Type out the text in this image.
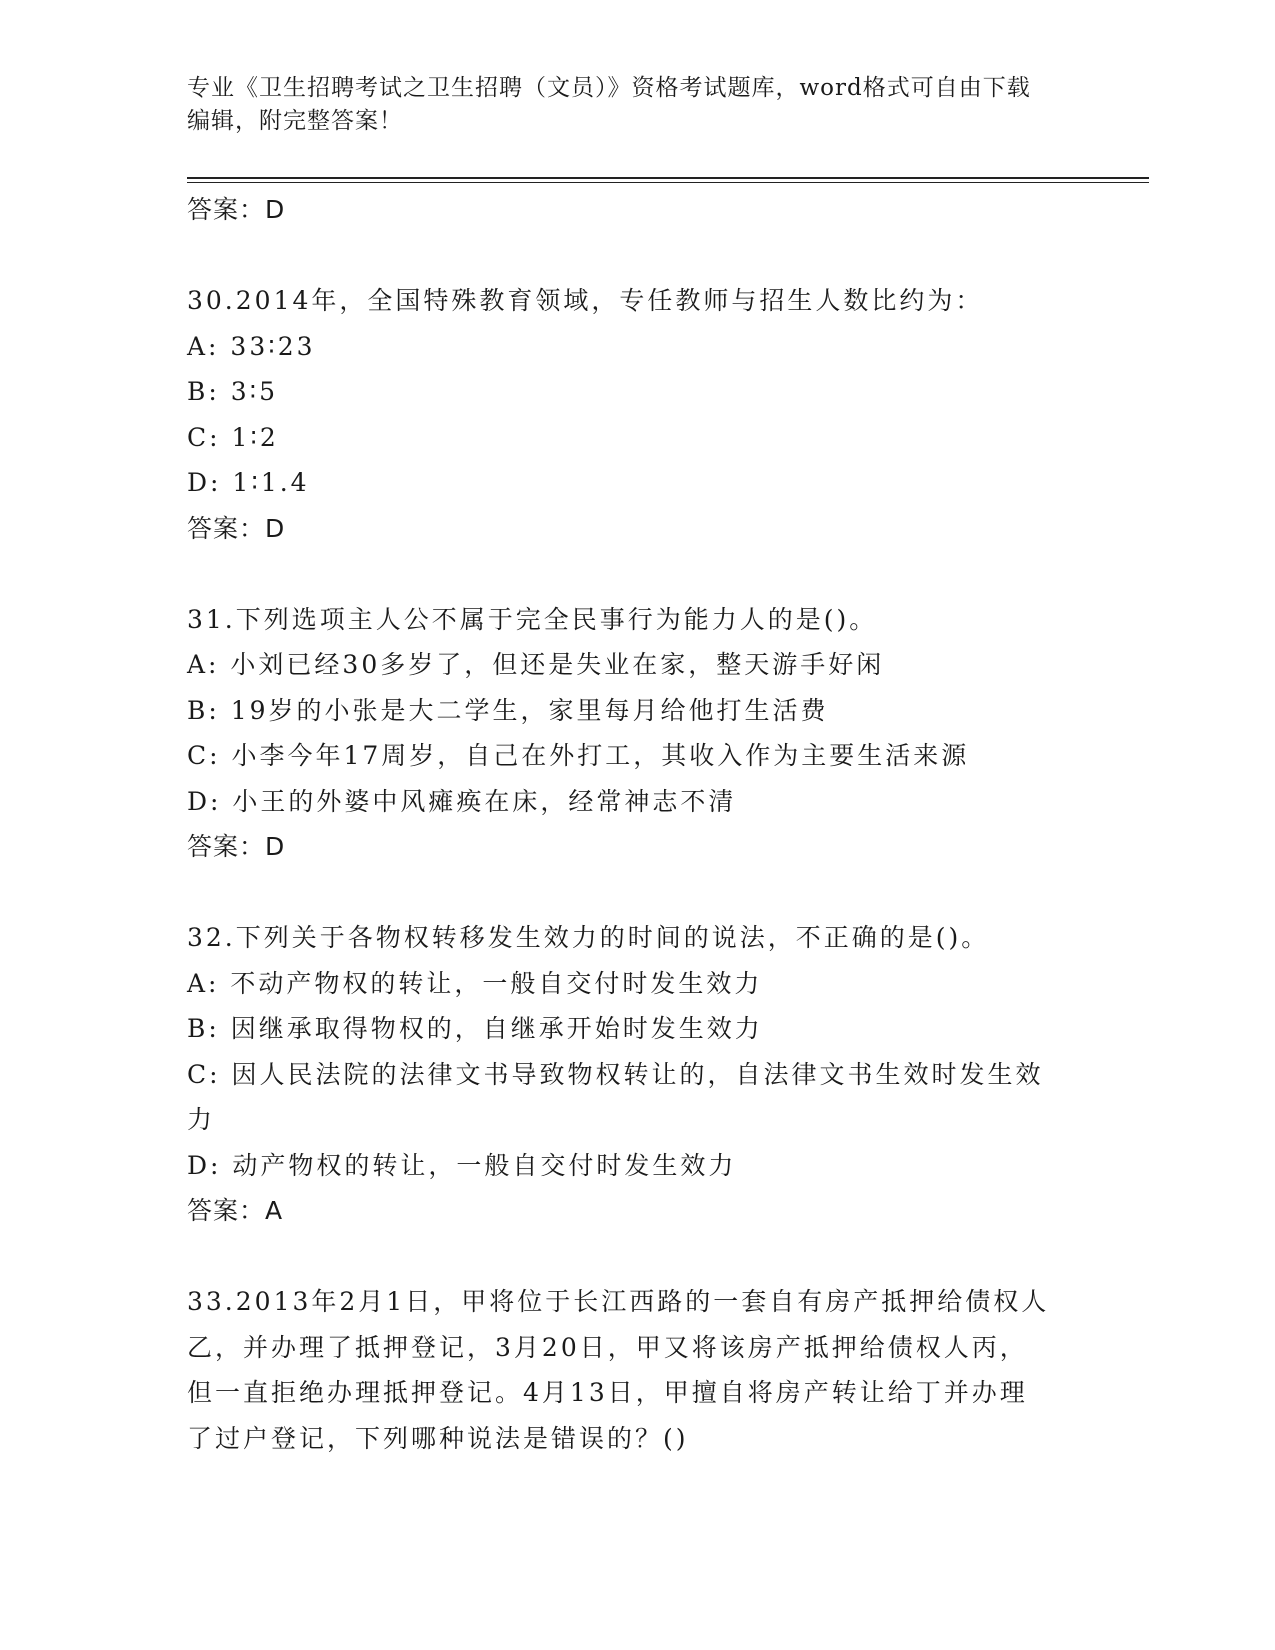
专业《卫生招聘考试之卫生招聘（文员）》资格考试题库，word格式可自由下载
编辑，附完整答案！
答案：D
30.2014年，全国特殊教育领域，专任教师与招生人数比约为：
A: 33∶23
B: 3∶5
C: 1∶2
D: 1∶1.4
答案：D
31.下列选项主人公不属于完全民事行为能力人的是()。
A: 小刘已经30多岁了，但还是失业在家，整天游手好闲
B: 19岁的小张是大二学生，家里每月给他打生活费
C: 小李今年17周岁，自己在外打工，其收入作为主要生活来源
D: 小王的外婆中风瘫痪在床，经常神志不清
答案：D
32.下列关于各物权转移发生效力的时间的说法，不正确的是()。
A: 不动产物权的转让，一般自交付时发生效力
B: 因继承取得物权的，自继承开始时发生效力
C: 因人民法院的法律文书导致物权转让的，自法律文书生效时发生效
力
D: 动产物权的转让，一般自交付时发生效力
答案：A
33.2013年2月1日，甲将位于长江西路的一套自有房产抵押给债权人
乙，并办理了抵押登记，3月20日，甲又将该房产抵押给债权人丙，
但一直拒绝办理抵押登记。4月13日，甲擅自将房产转让给丁并办理
了过户登记，下列哪种说法是错误的？()
